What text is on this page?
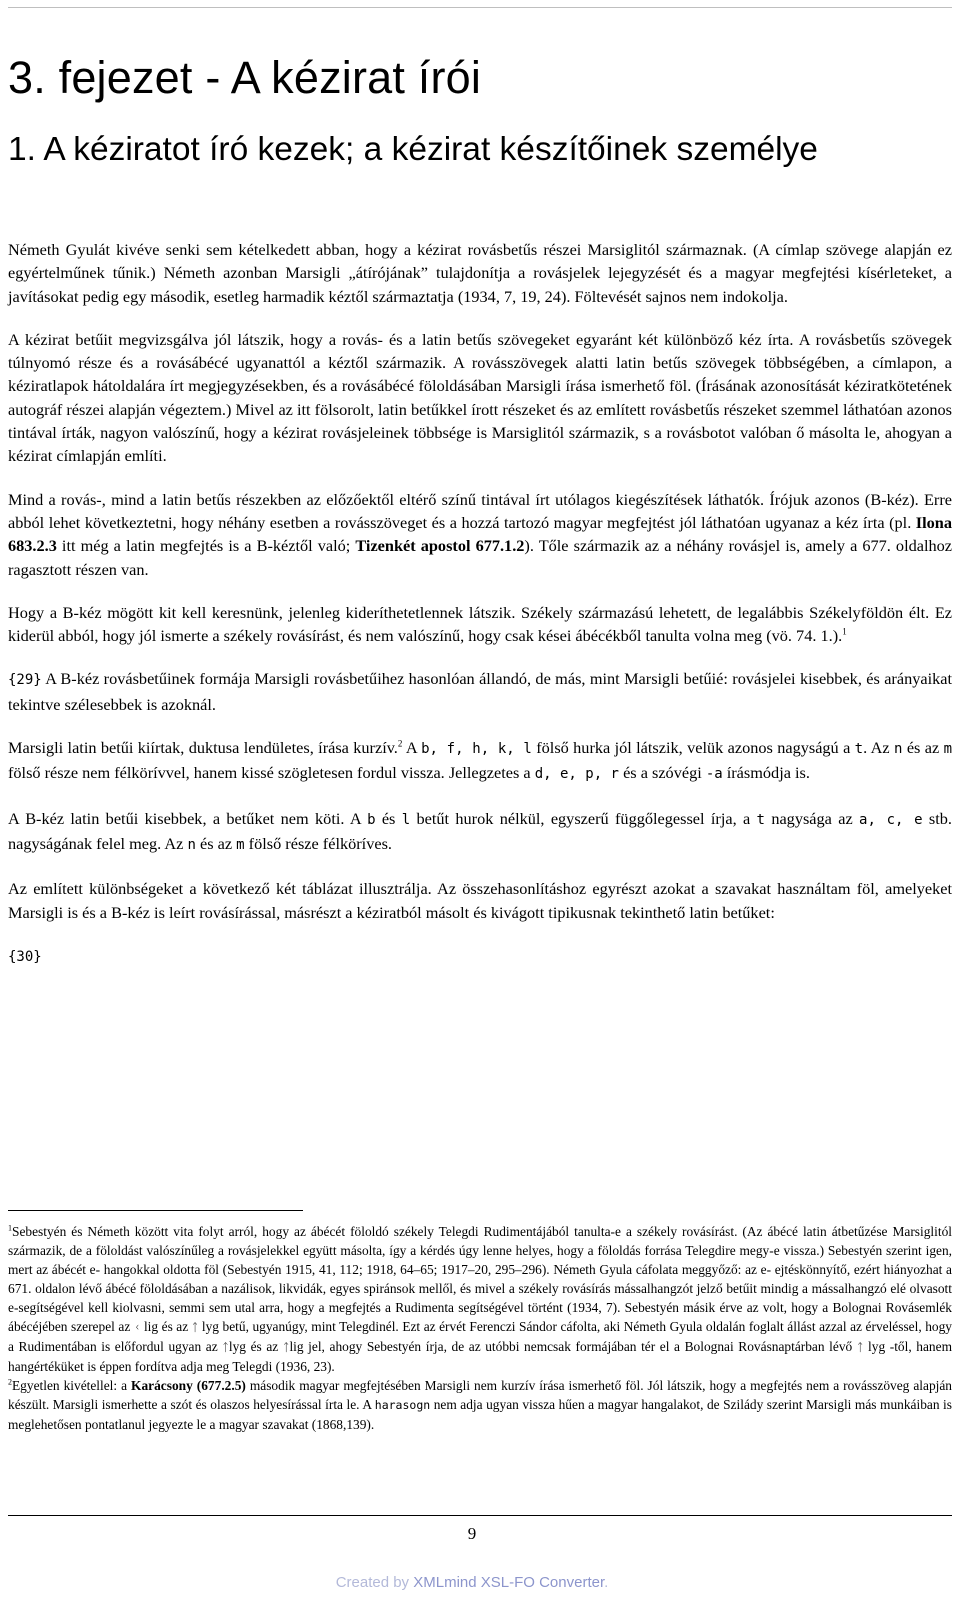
3. fejezet - A kézirat írói
1. A kéziratot író kezek; a kézirat készítőinek személye

Németh Gyulát kivéve senki sem kételkedett abban, hogy a kézirat rovásbetűs részei Marsiglitól származnak. (A címlap szövege alapján ez egyértelműnek tűnik.) Németh azonban Marsigli „átírójának” tulajdonítja a rovásjelek lejegyzését és a magyar megfejtési kísérleteket, a javításokat pedig egy második, esetleg harmadik kéztől származtatja (1934, 7, 19, 24). Föltevését sajnos nem indokolja.

A kézirat betűit megvizsgálva jól látszik, hogy a rovás- és a latin betűs szövegeket egyaránt két különböző kéz írta. A rovásbetűs szövegek túlnyomó része és a rovásábécé ugyanattól a kéztől származik. A rovásszövegek alatti latin betűs szövegek többségében, a címlapon, a kéziratlapok hátoldalára írt megjegyzésekben, és a rovásábécé föloldásában Marsigli írása ismerhető föl. (Írásának azonosítását kéziratkötetének autográf részei alapján végeztem.) Mivel az itt fölsorolt, latin betűkkel írott részeket és az említett rovásbetűs részeket szemmel láthatóan azonos tintával írták, nagyon valószínű, hogy a kézirat rovásjeleinek többsége is Marsiglitól származik, s a rovásbotot valóban ő másolta le, ahogyan a kézirat címlapján említi.

Mind a rovás-, mind a latin betűs részekben az előzőektől eltérő színű tintával írt utólagos kiegészítések láthatók. Írójuk azonos (B-kéz). Erre abból lehet következtetni, hogy néhány esetben a rovásszöveget és a hozzá tartozó magyar megfejtést jól láthatóan ugyanaz a kéz írta (pl. Ilona 683.2.3 itt még a latin megfejtés is a B-kéztől való; Tizenkét apostol 677.1.2). Tőle származik az a néhány rovásjel is, amely a 677. oldalhoz ragasztott részen van.

Hogy a B-kéz mögött kit kell keresnünk, jelenleg kideríthetetlennek látszik. Székely származású lehetett, de legalábbis Székelyföldön élt. Ez kiderül abból, hogy jól ismerte a székely rovásírást, és nem valószínű, hogy csak kései ábécékből tanulta volna meg (vö. 74. 1.).$^1$

{29} A B-kéz rovásbetűinek formája Marsigli rovásbetűihez hasonlóan állandó, de más, mint Marsigli betűié: rovásjelei kisebbek, és arányaikat tekintve szélesebbek is azoknál.

Marsigli latin betűi kiírtak, duktusa lendületes, írása kurzív.$^2$ A b, f, h, k, l fölső hurka jól látszik, velük azonos nagyságú a t. Az n és az m fölső része nem félkörívvel, hanem kissé szögletesen fordul vissza. Jellegzetes a d, e, p, r és a szóvégi -a írásmódja is.

A B-kéz latin betűi kisebbek, a betűket nem köti. A b és l betűt hurok nélkül, egyszerű függőlegessel írja, a t nagysága az a, c, e stb. nagyságának felel meg. Az n és az m fölső része félköríves.

Az említett különbségeket a következő két táblázat illusztrálja. Az összehasonlításhoz egyrészt azokat a szavakat használtam föl, amelyeket Marsigli is és a B-kéz is leírt rovásírással, másrészt a kéziratból másolt és kivágott tipikusnak tekinthető latin betűket:

{30}

$^1$Sebestyén és Németh között vita folyt arról, hogy az ábécét föloldó székely Telegdi Rudimentájából tanulta-e a székely rovásírást. (Az ábécé latin átbetűzése Marsiglitól származik, de a föloldást valószínűleg a rovásjelekkel együtt másolta, így a kérdés úgy lenne helyes, hogy a föloldás forrása Telegdire megy-e vissza.) Sebestyén szerint igen, mert az ábécét e- hangokkal oldotta föl (Sebestyén 1915, 41, 112; 1918, 64–65; 1917–20, 295–296). Németh Gyula cáfolata meggyőző: az e- ejtéskönnyítő, ezért hiányozhat a 671. oldalon lévő ábécé föloldásában a nazálisok, likvidák, egyes spiránsok mellől, és mivel a székely rovásírás mássalhangzót jelző betűit mindig a mássalhangzó elé olvasott e-segítségével kell kiolvasni, semmi sem utal arra, hogy a megfejtés a Rudimenta segítségével történt (1934, 7). Sebestyén másik érve az volt, hogy a Bolognai Rovásemlék ábécéjében szerepel az ᚲ lig és az ᛏ lyg betű, ugyanúgy, mint Telegdinél. Ezt az érvét Ferenczi Sándor cáfolta, aki Németh Gyula oldalán foglalt állást azzal az érveléssel, hogy a Rudimentában is előfordul ugyan az ᛏlyg és az ᛏlig jel, ahogy Sebestyén írja, de az utóbbi nemcsak formájában tér el a Bolognai Rovásnaptárban lévő ᛏ lyg -től, hanem hangértéküket is éppen fordítva adja meg Telegdi (1936, 23).

$^2$Egyetlen kivétellel: a Karácsony (677.2.5) második magyar megfejtésében Marsigli nem kurzív írása ismerhető föl. Jól látszik, hogy a megfejtés nem a rovásszöveg alapján készült. Marsigli ismerhette a szót és olaszos helyesírással írta le. A harasogn nem adja ugyan vissza hűen a magyar hangalakot, de Szilády szerint Marsigli más munkáiban is meglehetősen pontatlanul jegyezte le a magyar szavakat (1868,139).

9
Created by XMLmind XSL-FO Converter.
